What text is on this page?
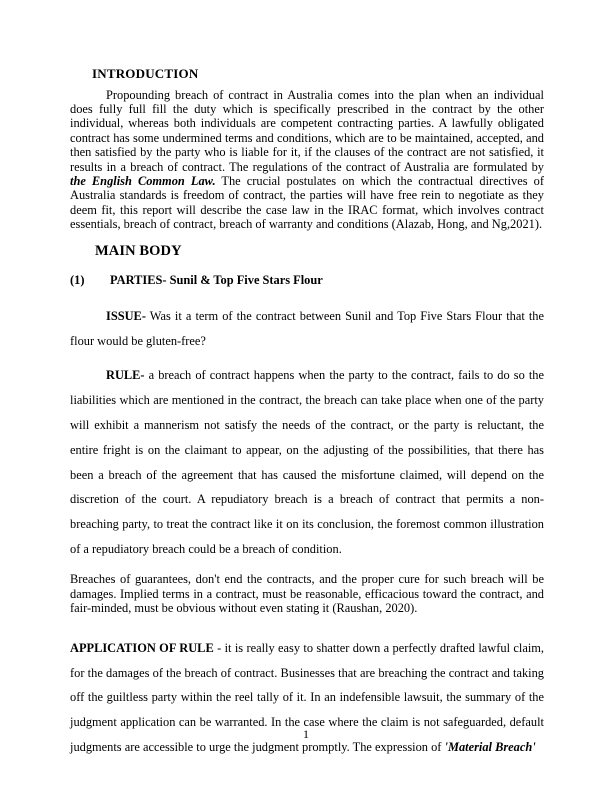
INTRODUCTION

Propounding breach of contract in Australia comes into the plan when an individual does fully full fill the duty which is specifically prescribed in the contract by the other individual, whereas both individuals are competent contracting parties. A lawfully obligated contract has some undermined terms and conditions, which are to be maintained, accepted, and then satisfied by the party who is liable for it, if the clauses of the contract are not satisfied, it results in a breach of contract. The regulations of the contract of Australia are formulated by the English Common Law. The crucial postulates on which the contractual directives of Australia standards is freedom of contract, the parties will have free rein to negotiate as they deem fit, this report will describe the case law in the IRAC format, which involves contract essentials, breach of contract, breach of warranty and conditions (Alazab, Hong, and Ng,2021).

MAIN BODY
(1)	PARTIES- Sunil & Top Five Stars Flour

ISSUE- Was it a term of the contract between Sunil and Top Five Stars Flour that the flour would be gluten-free?

RULE- a breach of contract happens when the party to the contract, fails to do so the liabilities which are mentioned in the contract, the breach can take place when one of the party will exhibit a mannerism not satisfy the needs of the contract, or the party is reluctant, the entire fright is on the claimant to appear, on the adjusting of the possibilities, that there has been a breach of the agreement that has caused the misfortune claimed, will depend on the discretion of the court. A repudiatory breach is a breach of contract that permits a non-breaching party, to treat the contract like it on its conclusion, the foremost common illustration of a repudiatory breach could be a breach of condition.

Breaches of guarantees, don't end the contracts, and the proper cure for such breach will be damages. Implied terms in a contract, must be reasonable, efficacious toward the contract, and fair-minded, must be obvious without even stating it (Raushan, 2020).

APPLICATION OF RULE - it is really easy to shatter down a perfectly drafted lawful claim, for the damages of the breach of contract. Businesses that are breaching the contract and taking off the guiltless party within the reel tally of it. In an indefensible lawsuit, the summary of the judgment application can be warranted. In the case where the claim is not safeguarded, default judgments are accessible to urge the judgment promptly. The expression of 'Material Breach'

1
